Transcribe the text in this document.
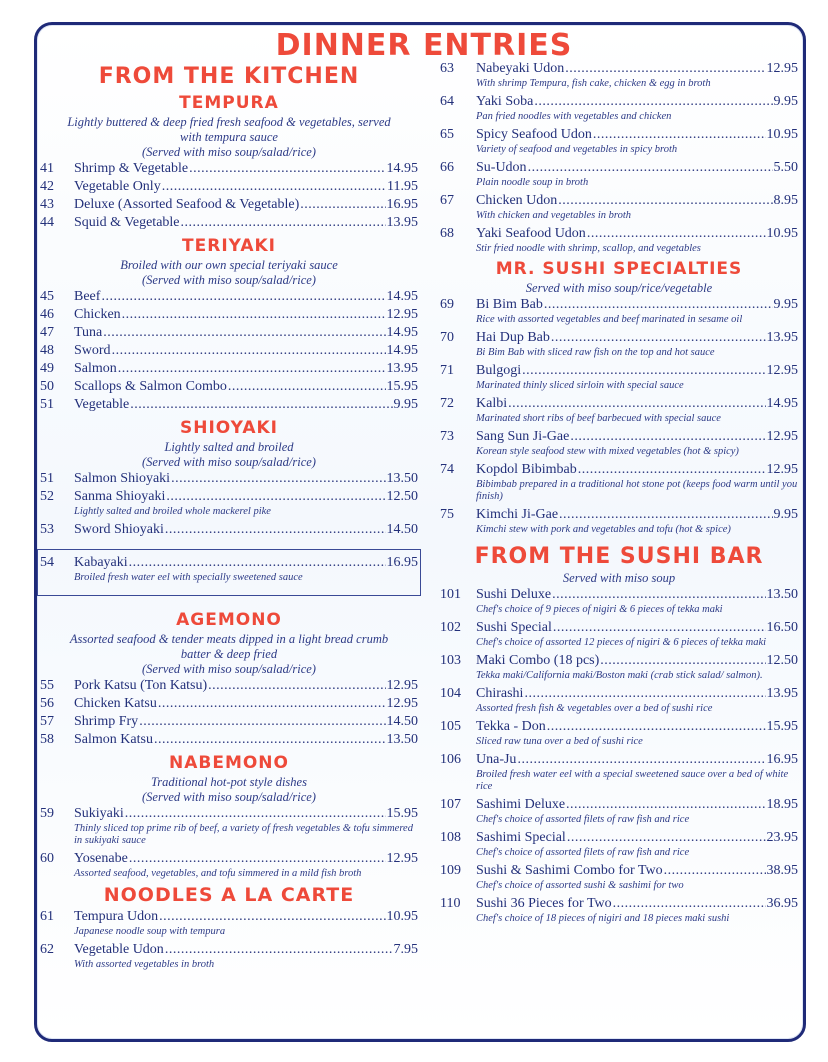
DINNER ENTRIES
FROM THE KITCHEN
TEMPURA
Lightly buttered & deep fried fresh seafood & vegetables, served
with tempura sauce
(Served with miso soup/salad/rice)
41	Shrimp & Vegetable .....	14.95
42	Vegetable Only .....	11.95
43	Deluxe (Assorted Seafood & Vegetable) .....	16.95
44	Squid & Vegetable .....	13.95
TERIYAKI
Broiled with our own special teriyaki sauce
(Served with miso soup/salad/rice)
45	Beef .....	14.95
46	Chicken .....	12.95
47	Tuna .....	14.95
48	Sword .....	14.95
49	Salmon .....	13.95
50	Scallops & Salmon Combo .....	15.95
51	Vegetable .....	9.95
SHIOYAKI
Lightly salted and broiled
(Served with miso soup/salad/rice)
51	Salmon Shioyaki .....	13.50
52	Sanma Shioyaki .....	12.50
Lightly salted and broiled whole mackerel pike
53	Sword Shioyaki .....	14.50
54	Kabayaki .....	16.95
Broiled fresh water eel with specially sweetened sauce
AGEMONO
Assorted seafood & tender meats dipped in a light bread crumb
batter & deep fried
(Served with miso soup/salad/rice)
55	Pork Katsu (Ton Katsu) .....	12.95
56	Chicken Katsu .....	12.95
57	Shrimp Fry .....	14.50
58	Salmon Katsu .....	13.50
NABEMONO
Traditional hot-pot style dishes
(Served with miso soup/salad/rice)
59	Sukiyaki .....	15.95
Thinly sliced top prime rib of beef, a variety of fresh vegetables & tofu simmered in sukiyaki sauce
60	Yosenabe .....	12.95
Assorted seafood, vegetables, and tofu simmered in a mild fish broth
NOODLES A LA CARTE
61	Tempura Udon .....	10.95
Japanese noodle soup with tempura
62	Vegetable Udon .....	7.95
With assorted vegetables in broth
63	Nabeyaki Udon .....	12.95
With shrimp Tempura, fish cake, chicken & egg in broth
64	Yaki Soba .....	9.95
Pan fried noodles with vegetables and chicken
65	Spicy Seafood Udon .....	10.95
Variety of seafood and vegetables in spicy broth
66	Su-Udon .....	5.50
Plain noodle soup in broth
67	Chicken Udon .....	8.95
With chicken and vegetables in broth
68	Yaki Seafood Udon .....	10.95
Stir fried noodle with shrimp, scallop, and vegetables
MR. SUSHI SPECIALTIES
Served with miso soup/rice/vegetable
69	Bi Bim Bab .....	9.95
Rice with assorted vegetables and beef marinated in sesame oil
70	Hai Dup Bab .....	13.95
Bi Bim Bab with sliced raw fish on the top and hot sauce
71	Bulgogi .....	12.95
Marinated thinly sliced sirloin with special sauce
72	Kalbi .....	14.95
Marinated short ribs of beef barbecued with special sauce
73	Sang Sun Ji-Gae .....	12.95
Korean style seafood stew with mixed vegetables (hot & spicy)
74	Kopdol Bibimbab .....	12.95
Bibimbab prepared in a traditional hot stone pot (keeps food warm until you finish)
75	Kimchi Ji-Gae .....	9.95
Kimchi stew with pork and vegetables and tofu (hot & spice)
FROM THE SUSHI BAR
Served with miso soup
101	Sushi Deluxe .....	13.50
Chef's choice of 9 pieces of nigiri & 6 pieces of tekka maki
102	Sushi Special .....	16.50
Chef's choice of assorted 12 pieces of nigiri & 6 pieces of tekka maki
103	Maki Combo (18 pcs) .....	12.50
Tekka maki/California maki/Boston maki (crab stick salad/ salmon).
104	Chirashi .....	13.95
Assorted fresh fish & vegetables over a bed of sushi rice
105	Tekka - Don .....	15.95
Sliced raw tuna over a bed of sushi rice
106	Una-Ju .....	16.95
Broiled fresh water eel with a special sweetened sauce over a bed of white rice
107	Sashimi Deluxe .....	18.95
Chef's choice of assorted filets of raw fish and rice
108	Sashimi Special .....	23.95
Chef's choice of assorted filets of raw fish and rice
109	Sushi & Sashimi Combo for Two .....	38.95
Chef's choice of assorted sushi & sashimi for two
110	Sushi 36 Pieces for Two .....	36.95
Chef's choice of 18 pieces of nigiri and 18 pieces maki sushi
